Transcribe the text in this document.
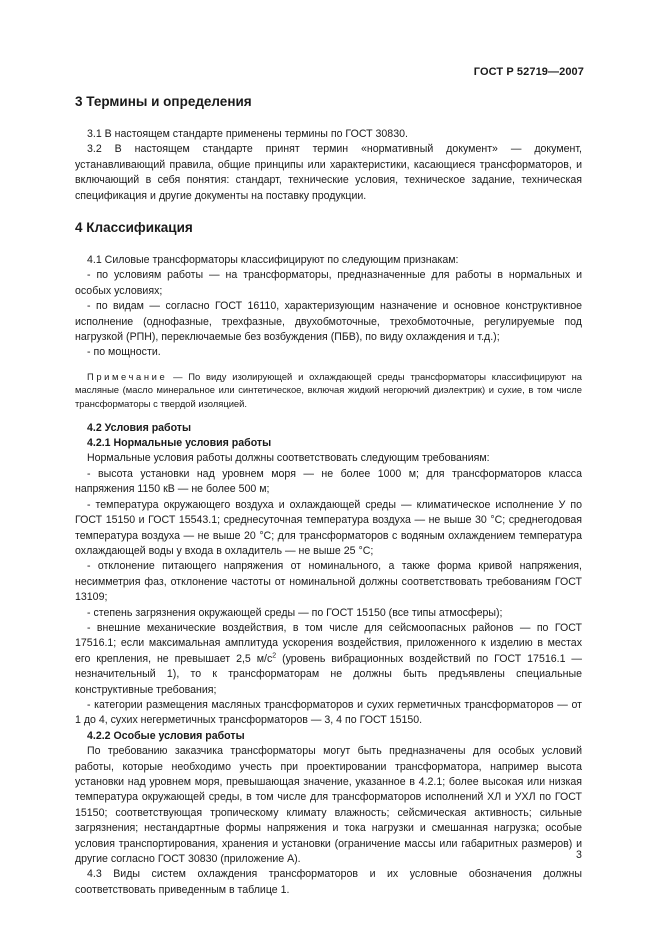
ГОСТ Р 52719—2007
3 Термины и определения

3.1 В настоящем стандарте применены термины по ГОСТ 30830.

3.2 В настоящем стандарте принят термин «нормативный документ» — документ, устанавливающий правила, общие принципы или характеристики, касающиеся трансформаторов, и включающий в себя понятия: стандарт, технические условия, техническое задание, техническая спецификация и другие документы на поставку продукции.

4 Классификация

4.1 Силовые трансформаторы классифицируют по следующим признакам:

- по условиям работы — на трансформаторы, предназначенные для работы в нормальных и особых условиях;

- по видам — согласно ГОСТ 16110, характеризующим назначение и основное конструктивное исполнение (однофазные, трехфазные, двухобмоточные, трехобмоточные, регулируемые под нагрузкой (РПН), переключаемые без возбуждения (ПБВ), по виду охлаждения и т.д.);

- по мощности.

Примечание — По виду изолирующей и охлаждающей среды трансформаторы классифицируют на масляные (масло минеральное или синтетическое, включая жидкий негорючий диэлектрик) и сухие, в том числе трансформаторы с твердой изоляцией.

4.2 Условия работы

4.2.1 Нормальные условия работы

Нормальные условия работы должны соответствовать следующим требованиям:

- высота установки над уровнем моря — не более 1000 м; для трансформаторов класса напряжения 1150 кВ — не более 500 м;

- температура окружающего воздуха и охлаждающей среды — климатическое исполнение У по ГОСТ 15150 и ГОСТ 15543.1; среднесуточная температура воздуха — не выше 30 °С; среднегодовая температура воздуха — не выше 20 °С; для трансформаторов с водяным охлаждением температура охлаждающей воды у входа в охладитель — не выше 25 °С;

- отклонение питающего напряжения от номинального, а также форма кривой напряжения, несимметрия фаз, отклонение частоты от номинальной должны соответствовать требованиям ГОСТ 13109;

- степень загрязнения окружающей среды — по ГОСТ 15150 (все типы атмосферы);

- внешние механические воздействия, в том числе для сейсмоопасных районов — по ГОСТ 17516.1; если максимальная амплитуда ускорения воздействия, приложенного к изделию в местах его крепления, не превышает 2,5 $м/с^2$ (уровень вибрационных воздействий по ГОСТ 17516.1 — незначительный 1), то к трансформаторам не должны быть предъявлены специальные конструктивные требования;

- категории размещения масляных трансформаторов и сухих герметичных трансформаторов — от 1 до 4, сухих негерметичных трансформаторов — 3, 4 по ГОСТ 15150.

4.2.2 Особые условия работы

По требованию заказчика трансформаторы могут быть предназначены для особых условий работы, которые необходимо учесть при проектировании трансформатора, например высота установки над уровнем моря, превышающая значение, указанное в 4.2.1; более высокая или низкая температура окружающей среды, в том числе для трансформаторов исполнений ХЛ и УХЛ по ГОСТ 15150; соответствующая тропическому климату влажность; сейсмическая активность; сильные загрязнения; нестандартные формы напряжения и тока нагрузки и смешанная нагрузка; особые условия транспортирования, хранения и установки (ограничение массы или габаритных размеров) и другие согласно ГОСТ 30830 (приложение А).

4.3 Виды систем охлаждения трансформаторов и их условные обозначения должны соответствовать приведенным в таблице 1.

3
